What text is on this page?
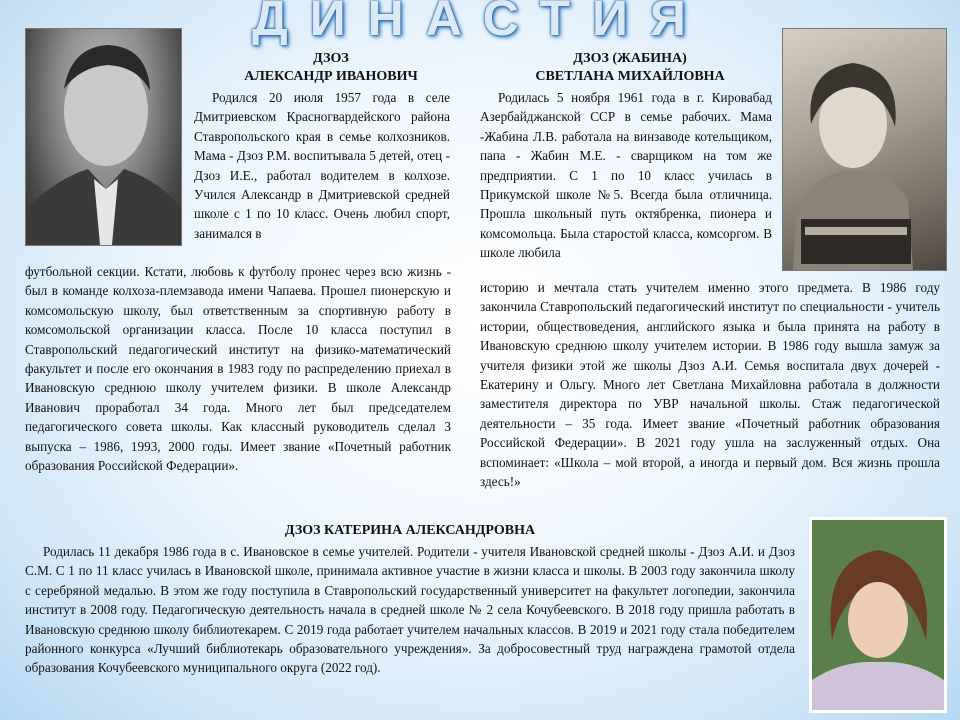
ДИНАСТИЯ
ДЗОЗ
АЛЕКСАНДР ИВАНОВИЧ

Родился 20 июля 1957 года в селе Дмитриевском Красногвардейского района Ставропольского края в семье колхозников. Мама - Дзоз Р.М. воспитывала 5 детей, отец - Дзоз И.Е., работал водителем в колхозе. Учился Александр в Дмитриевской средней школе с 1 по 10 класс. Очень любил спорт, занимался в

футбольной секции. Кстати, любовь к футболу пронес через всю жизнь - был в команде колхоза-племзавода имени Чапаева. Прошел пионерскую и комсомольскую школу, был ответственным за спортивную работу в комсомольской организации класса. После 10 класса поступил в Ставропольский педагогический институт на физико-математический факультет и после его окончания в 1983 году по распределению приехал в Ивановскую среднюю школу учителем физики. В школе Александр Иванович проработал 34 года. Много лет был председателем педагогического совета школы. Как классный руководитель сделал 3 выпуска – 1986, 1993, 2000 годы. Имеет звание «Почетный работник образования Российской Федерации».

ДЗОЗ (ЖАБИНА)
СВЕТЛАНА МИХАЙЛОВНА

Родилась 5 ноября 1961 года в г. Кировабад Азербайджанской ССР в семье рабочих. Мама -Жабина Л.В. работала на винзаводе котельщиком, папа - Жабин М.Е. - сварщиком на том же предприятии. С 1 по 10 класс училась в Прикумской школе №5. Всегда была отличница. Прошла школьный путь октябренка, пионера и комсомольца. Была старостой класса, комсоргом. В школе любила

историю и мечтала стать учителем именно этого предмета. В 1986 году закончила Ставропольский педагогический институт по специальности - учитель истории, обществоведения, английского языка и была принята на работу в Ивановскую среднюю школу учителем истории. В 1986 году вышла замуж за учителя физики этой же школы Дзоз А.И. Семья воспитала двух дочерей - Екатерину и Ольгу. Много лет Светлана Михайловна работала в должности заместителя директора по УВР начальной школы. Стаж педагогической деятельности – 35 года. Имеет звание «Почетный работник образования Российской Федерации». В 2021 году ушла на заслуженный отдых. Она вспоминает: «Школа – мой второй, а иногда и первый дом. Вся жизнь прошла здесь!»

ДЗОЗ КАТЕРИНА АЛЕКСАНДРОВНА

Родилась 11 декабря 1986 года в с. Ивановское в семье учителей. Родители - учителя Ивановской средней школы - Дзоз А.И. и Дзоз С.М. С 1 по 11 класс училась в Ивановской школе, принимала активное участие в жизни класса и школы. В 2003 году закончила школу с серебряной медалью. В этом же году поступила в Ставропольский государственный университет на факультет логопедии, закончила институт в 2008 году. Педагогическую деятельность начала в средней школе № 2 села Кочубеевского. В 2018 году пришла работать в Ивановскую среднюю школу библиотекарем. С 2019 года работает учителем начальных классов. В 2019 и 2021 году стала победителем районного конкурса «Лучший библиотекарь образовательного учреждения». За добросовестный труд награждена грамотой отдела образования Кочубеевского муниципального округа (2022 год).
